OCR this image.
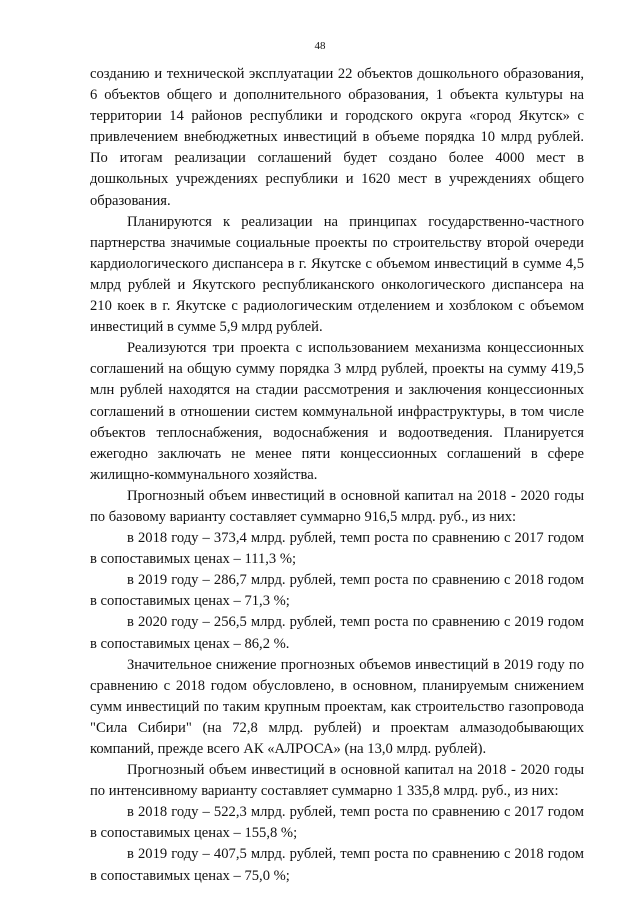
48

созданию и технической эксплуатации 22 объектов дошкольного образования, 6 объектов общего и дополнительного образования, 1 объекта культуры на территории 14 районов республики и городского округа «город Якутск» с привлечением внебюджетных инвестиций в объеме порядка 10 млрд рублей. По итогам реализации соглашений будет создано более 4000 мест в дошкольных учреждениях республики и 1620 мест в учреждениях общего образования.

Планируются к реализации на принципах государственно-частного партнерства значимые социальные проекты по строительству второй очереди кардиологического диспансера в г. Якутске с объемом инвестиций в сумме 4,5 млрд рублей и Якутского республиканского онкологического диспансера на 210 коек в г. Якутске с радиологическим отделением и хозблоком с объемом инвестиций в сумме 5,9 млрд рублей.

Реализуются три проекта с использованием механизма концессионных соглашений на общую сумму порядка 3 млрд рублей, проекты на сумму 419,5 млн рублей находятся на стадии рассмотрения и заключения концессионных соглашений в отношении систем коммунальной инфраструктуры, в том числе объектов теплоснабжения, водоснабжения и водоотведения. Планируется ежегодно заключать не менее пяти концессионных соглашений в сфере жилищно-коммунального хозяйства.

Прогнозный объем инвестиций в основной капитал на 2018 - 2020 годы по базовому варианту составляет суммарно 916,5 млрд. руб., из них:

в 2018 году – 373,4 млрд. рублей, темп роста по сравнению с 2017 годом в сопоставимых ценах – 111,3 %;

в 2019 году – 286,7 млрд. рублей, темп роста по сравнению с 2018 годом в сопоставимых ценах – 71,3 %;

в 2020 году – 256,5 млрд. рублей, темп роста по сравнению с 2019 годом в сопоставимых ценах – 86,2 %.

Значительное снижение прогнозных объемов инвестиций в 2019 году по сравнению с 2018 годом обусловлено, в основном, планируемым снижением сумм инвестиций по таким крупным проектам, как строительство газопровода "Сила Сибири" (на 72,8 млрд. рублей) и проектам алмазодобывающих компаний, прежде всего АК «АЛРОСА» (на 13,0 млрд. рублей).

Прогнозный объем инвестиций в основной капитал на 2018 - 2020 годы по интенсивному варианту составляет суммарно 1 335,8 млрд. руб., из них:

в 2018 году – 522,3 млрд. рублей, темп роста по сравнению с 2017 годом в сопоставимых ценах – 155,8 %;

в 2019 году – 407,5 млрд. рублей, темп роста по сравнению с 2018 годом в сопоставимых ценах – 75,0 %;
